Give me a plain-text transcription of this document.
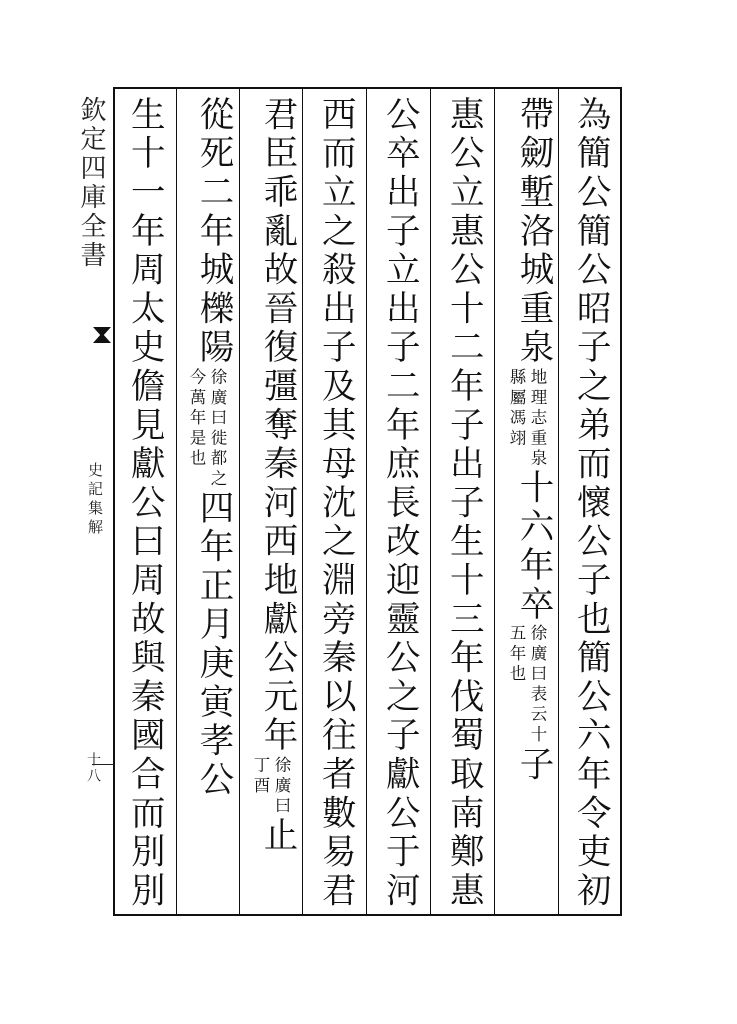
欽定四庫全書
史記集解
十八	為簡公簡公昭子之弟而懷公子也簡公六年令吏初
帶劒塹洛城重泉
地理志重泉
縣屬馮翊
十六年卒
徐廣曰表云十
五年也
子
惠公立惠公十二年子出子生十三年伐蜀取南鄭惠
公卒出子立出子二年庶長改迎靈公之子獻公于河
西而立之殺出子及其母沈之淵旁秦以往者數易君
君臣乖亂故晉復彊奪秦河西地獻公元年
徐廣曰
丁酉
止
從死二年城櫟陽
徐廣曰徙都之
今萬年是也
四年正月庚寅孝公
生十一年周太史儋見獻公曰周故與秦國合而別別
